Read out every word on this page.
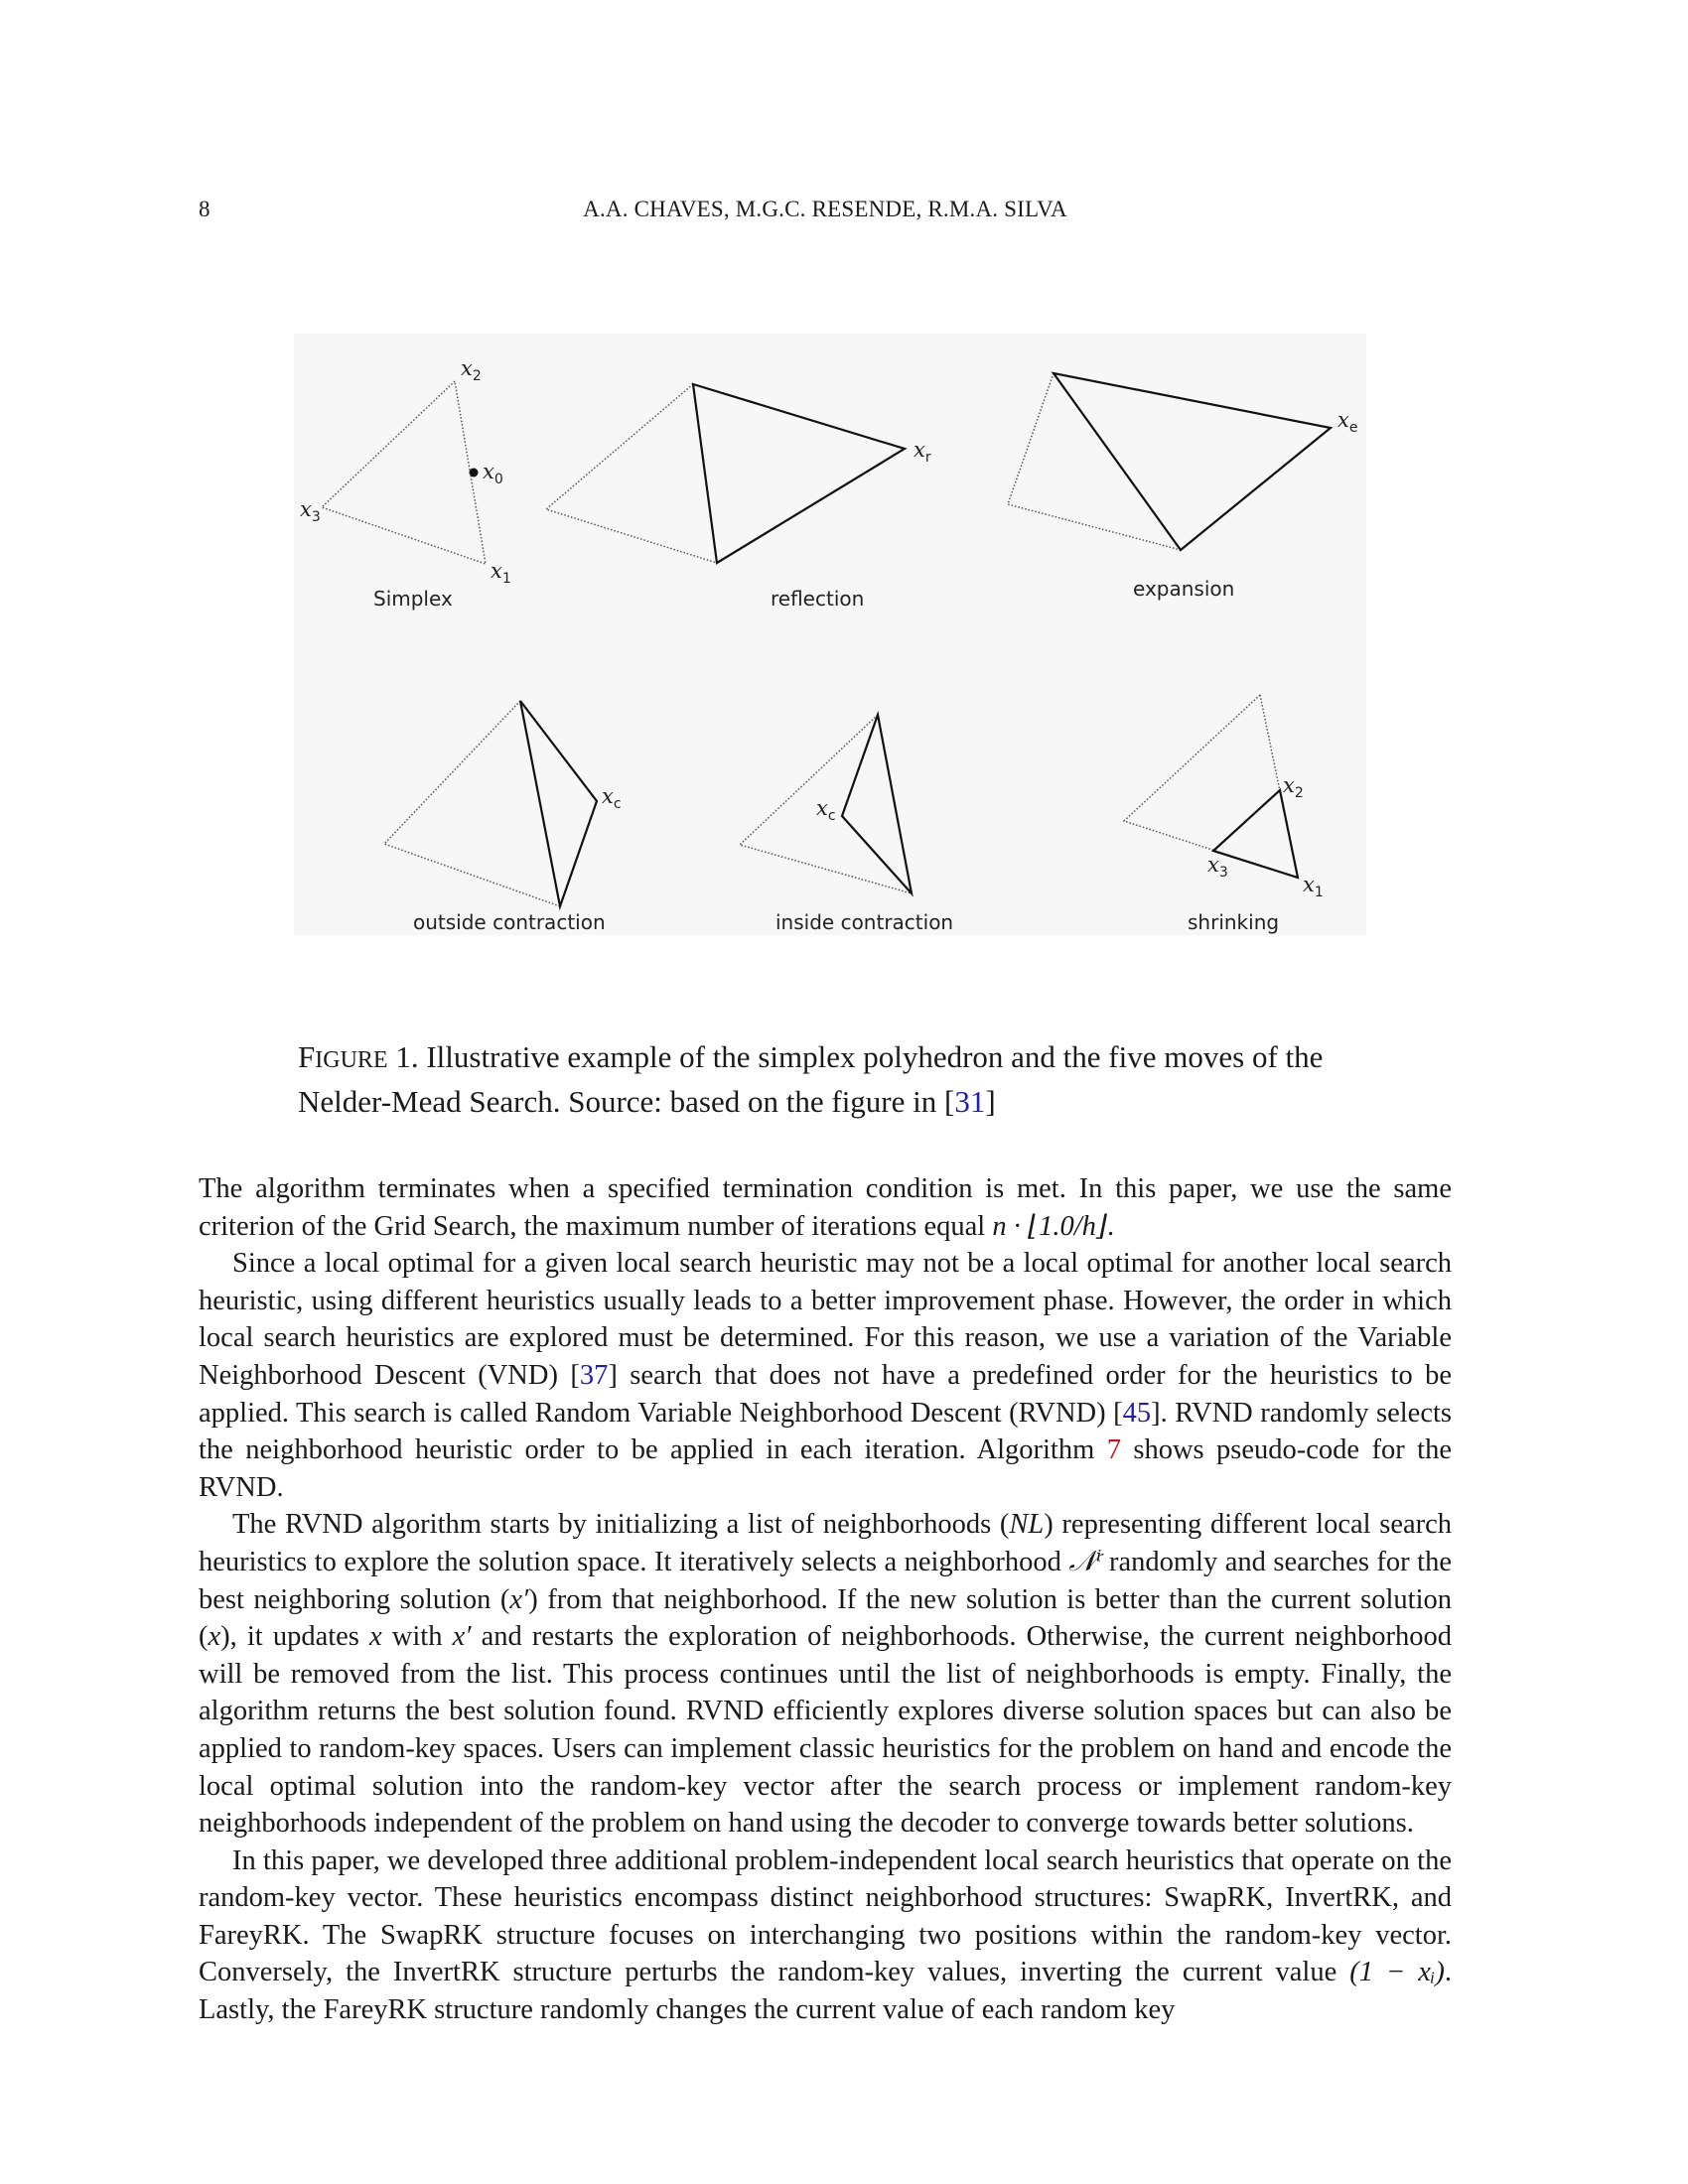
8	A.A. CHAVES, M.G.C. RESENDE, R.M.A. SILVA
$x_2$
$x_0$
$x_3$
$x_1$
Simplex
$x_r$
reflection
$x_e$
expansion
$x_c$
outside contraction
$x_c$
inside contraction
$x_2$
$x_3$	$x_1$
shrinking
FIGURE 1. Illustrative example of the simplex polyhedron and the five moves of the Nelder-Mead Search. Source: based on the figure in [31]

The algorithm terminates when a specified termination condition is met. In this paper, we use the same criterion of the Grid Search, the maximum number of iterations equal n · ⌊1.0/h⌋.

Since a local optimal for a given local search heuristic may not be a local optimal for another local search heuristic, using different heuristics usually leads to a better improvement phase. However, the order in which local search heuristics are explored must be determined. For this reason, we use a variation of the Variable Neighborhood Descent (VND) [37] search that does not have a predefined order for the heuristics to be applied. This search is called Random Variable Neighborhood Descent (RVND) [45]. RVND randomly selects the neighborhood heuristic order to be applied in each iteration. Algorithm 7 shows pseudo-code for the RVND.

The RVND algorithm starts by initializing a list of neighborhoods (NL) representing different local search heuristics to explore the solution space. It iteratively selects a neighborhood 𝒩ⁱ randomly and searches for the best neighboring solution (x′) from that neighborhood. If the new solution is better than the current solution (x), it updates x with x′ and restarts the exploration of neighborhoods. Otherwise, the current neighborhood will be removed from the list. This process continues until the list of neighborhoods is empty. Finally, the algorithm returns the best solution found. RVND efficiently explores diverse solution spaces but can also be applied to random-key spaces. Users can implement classic heuristics for the problem on hand and encode the local optimal solution into the random-key vector after the search process or implement random-key neighborhoods independent of the problem on hand using the decoder to converge towards better solutions.

In this paper, we developed three additional problem-independent local search heuristics that operate on the random-key vector. These heuristics encompass distinct neighborhood structures: SwapRK, InvertRK, and FareyRK. The SwapRK structure focuses on interchanging two positions within the random-key vector. Conversely, the InvertRK structure perturbs the random-key values, inverting the current value (1 − xᵢ). Lastly, the FareyRK structure randomly changes the current value of each random key
